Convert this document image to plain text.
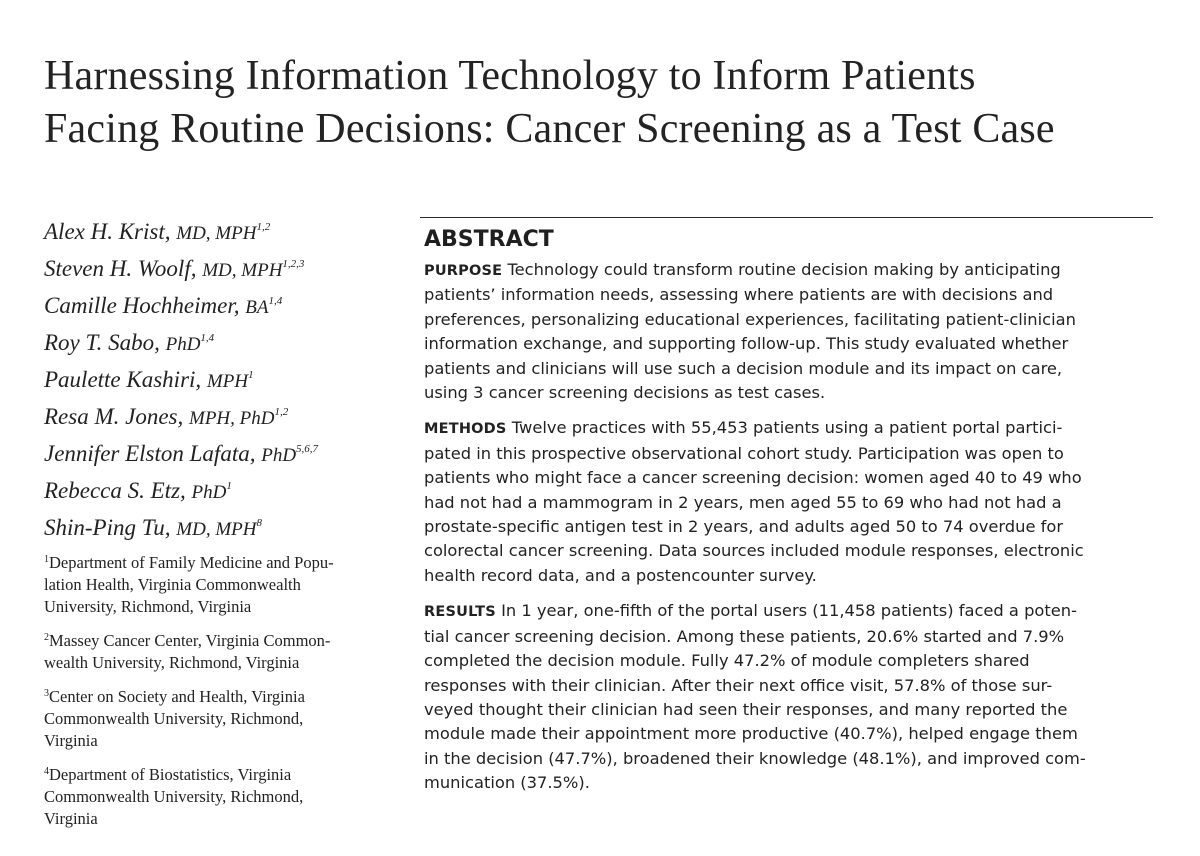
Harnessing Information Technology to Inform Patients
Facing Routine Decisions: Cancer Screening as a Test Case
Alex H. Krist, MD, MPH$^{1,2}$
Steven H. Woolf, MD, MPH$^{1,2,3}$
Camille Hochheimer, BA$^{1,4}$
Roy T. Sabo, PhD$^{1,4}$
Paulette Kashiri, MPH$^1$
Resa M. Jones, MPH, PhD$^{1,2}$
Jennifer Elston Lafata, PhD$^{5,6,7}$
Rebecca S. Etz, PhD$^1$
Shin-Ping Tu, MD, MPH$^8$
$^1$Department of Family Medicine and Popu-
lation Health, Virginia Commonwealth
University, Richmond, Virginia
$^2$Massey Cancer Center, Virginia Common-
wealth University, Richmond, Virginia
$^3$Center on Society and Health, Virginia
Commonwealth University, Richmond,
Virginia
$^4$Department of Biostatistics, Virginia
Commonwealth University, Richmond,
Virginia
ABSTRACT
PURPOSE Technology could transform routine decision making by anticipating
patients’ information needs, assessing where patients are with decisions and
preferences, personalizing educational experiences, facilitating patient-clinician
information exchange, and supporting follow-up. This study evaluated whether
patients and clinicians will use such a decision module and its impact on care,
using 3 cancer screening decisions as test cases.
METHODS Twelve practices with 55,453 patients using a patient portal partici-
pated in this prospective observational cohort study. Participation was open to
patients who might face a cancer screening decision: women aged 40 to 49 who
had not had a mammogram in 2 years, men aged 55 to 69 who had not had a
prostate-specific antigen test in 2 years, and adults aged 50 to 74 overdue for
colorectal cancer screening. Data sources included module responses, electronic
health record data, and a postencounter survey.
RESULTS In 1 year, one-fifth of the portal users (11,458 patients) faced a poten-
tial cancer screening decision. Among these patients, 20.6% started and 7.9%
completed the decision module. Fully 47.2% of module completers shared
responses with their clinician. After their next office visit, 57.8% of those sur-
veyed thought their clinician had seen their responses, and many reported the
module made their appointment more productive (40.7%), helped engage them
in the decision (47.7%), broadened their knowledge (48.1%), and improved com-
munication (37.5%).
